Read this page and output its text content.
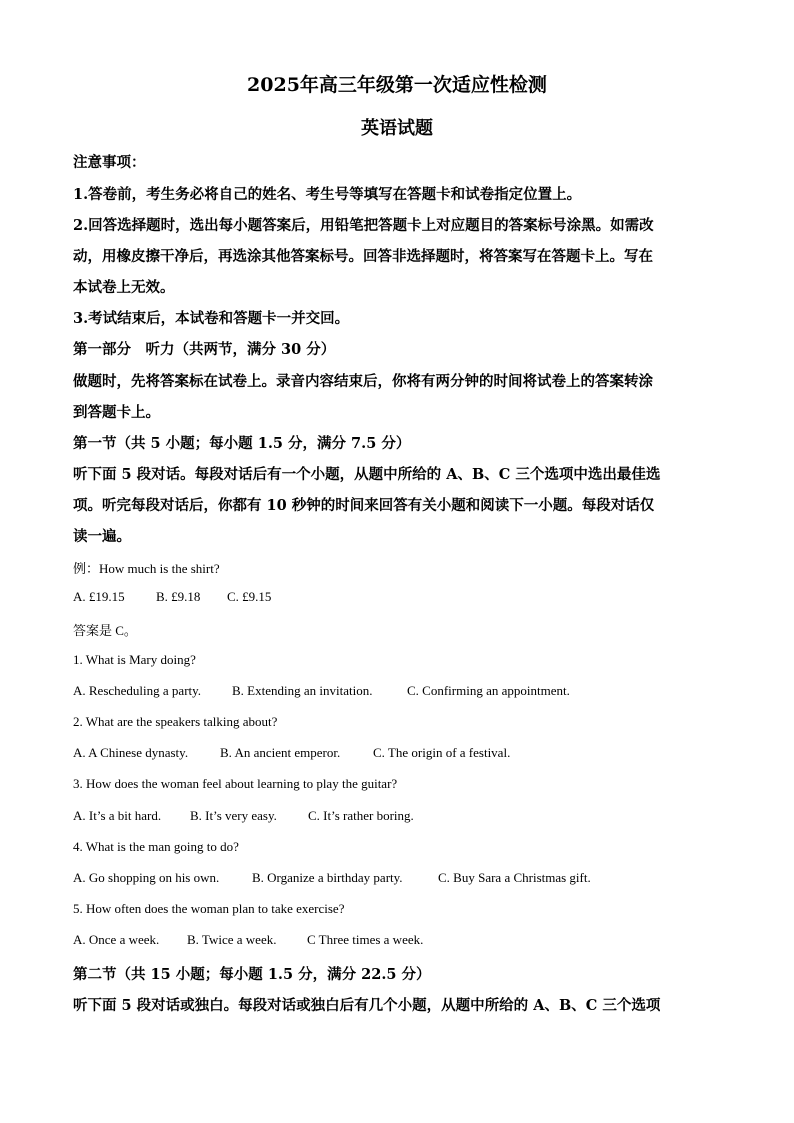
2025年高三年级第一次适应性检测
英语试题
注意事项：
1.答卷前，考生务必将自己的姓名、考生号等填写在答题卡和试卷指定位置上。
2.回答选择题时，选出每小题答案后，用铅笔把答题卡上对应题目的答案标号涂黑。如需改
动，用橡皮擦干净后，再选涂其他答案标号。回答非选择题时，将答案写在答题卡上。写在
本试卷上无效。
3.考试结束后，本试卷和答题卡一并交回。
第一部分　听力（共两节，满分 30 分）
做题时，先将答案标在试卷上。录音内容结束后，你将有两分钟的时间将试卷上的答案转涂
到答题卡上。
第一节（共 5 小题；每小题 1.5 分，满分 7.5 分）
听下面 5 段对话。每段对话后有一个小题，从题中所给的 A、B、C 三个选项中选出最佳选
项。听完每段对话后，你都有 10 秒钟的时间来回答有关小题和阅读下一小题。每段对话仅
读一遍。
例：How much is the shirt?
A. £19.15 B. £9.18 C. £9.15
答案是 C。
1. What is Mary doing?
A. Rescheduling a party. B. Extending an invitation.	C. Confirming an appointment.
2. What are the speakers talking about?
A. A Chinese dynasty. B. An ancient emperor.	C. The origin of a festival.
3. How does the woman feel about learning to play the guitar?
A. It’s a bit hard. B. It’s very easy. C. It’s rather boring.
4. What is the man going to do?
A. Go shopping on his own.	B. Organize a birthday party.	C. Buy Sara a Christmas gift.
5. How often does the woman plan to take exercise?
A. Once a week. B. Twice a week. C Three times a week.
第二节（共 15 小题；每小题 1.5 分，满分 22.5 分）
听下面 5 段对话或独白。每段对话或独白后有几个小题，从题中所给的 A、B、C 三个选项
